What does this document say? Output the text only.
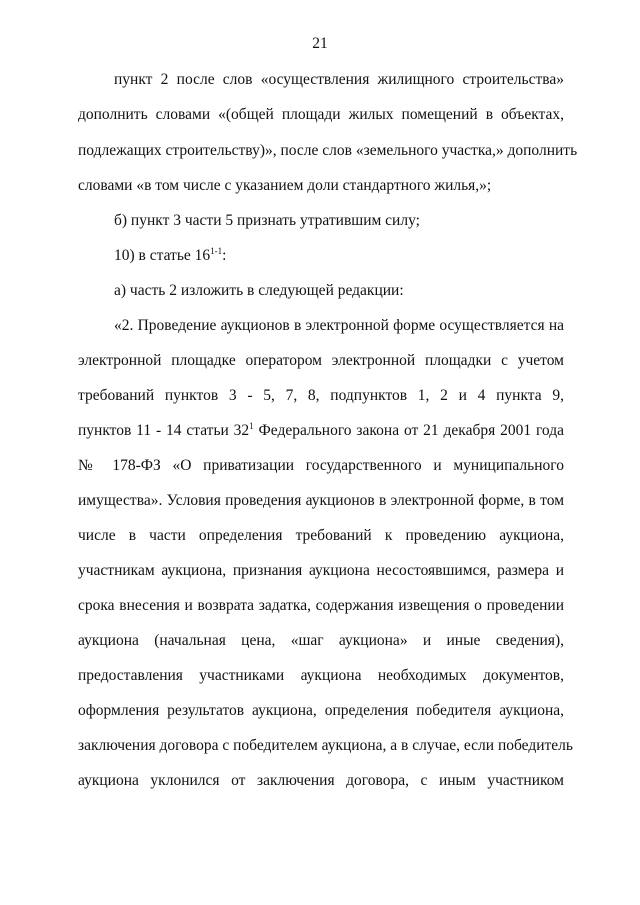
21
пункт 2 после слов «осуществления жилищного строительства»
дополнить словами «(общей площади жилых помещений в объектах,
подлежащих строительству)», после слов «земельного участка,» дополнить
словами «в том числе с указанием доли стандартного жилья,»;
б) пункт 3 части 5 признать утратившим силу;
10) в статье 16$^{1-1}$:
а) часть 2 изложить в следующей редакции:
«2. Проведение аукционов в электронной форме осуществляется на
электронной площадке оператором электронной площадки с учетом
требований пунктов 3 - 5, 7, 8, подпунктов 1, 2 и 4 пункта 9,
пунктов 11 - 14 статьи $32^1$ Федерального закона от 21 декабря 2001 года
№ 178-ФЗ «О приватизации государственного и муниципального
имущества». Условия проведения аукционов в электронной форме, в том
числе в части определения требований к проведению аукциона,
участникам аукциона, признания аукциона несостоявшимся, размера и
срока внесения и возврата задатка, содержания извещения о проведении
аукциона (начальная цена, «шаг аукциона» и иные сведения),
предоставления участниками аукциона необходимых документов,
оформления результатов аукциона, определения победителя аукциона,
заключения договора с победителем аукциона, а в случае, если победитель
аукциона уклонился от заключения договора, с иным участником
